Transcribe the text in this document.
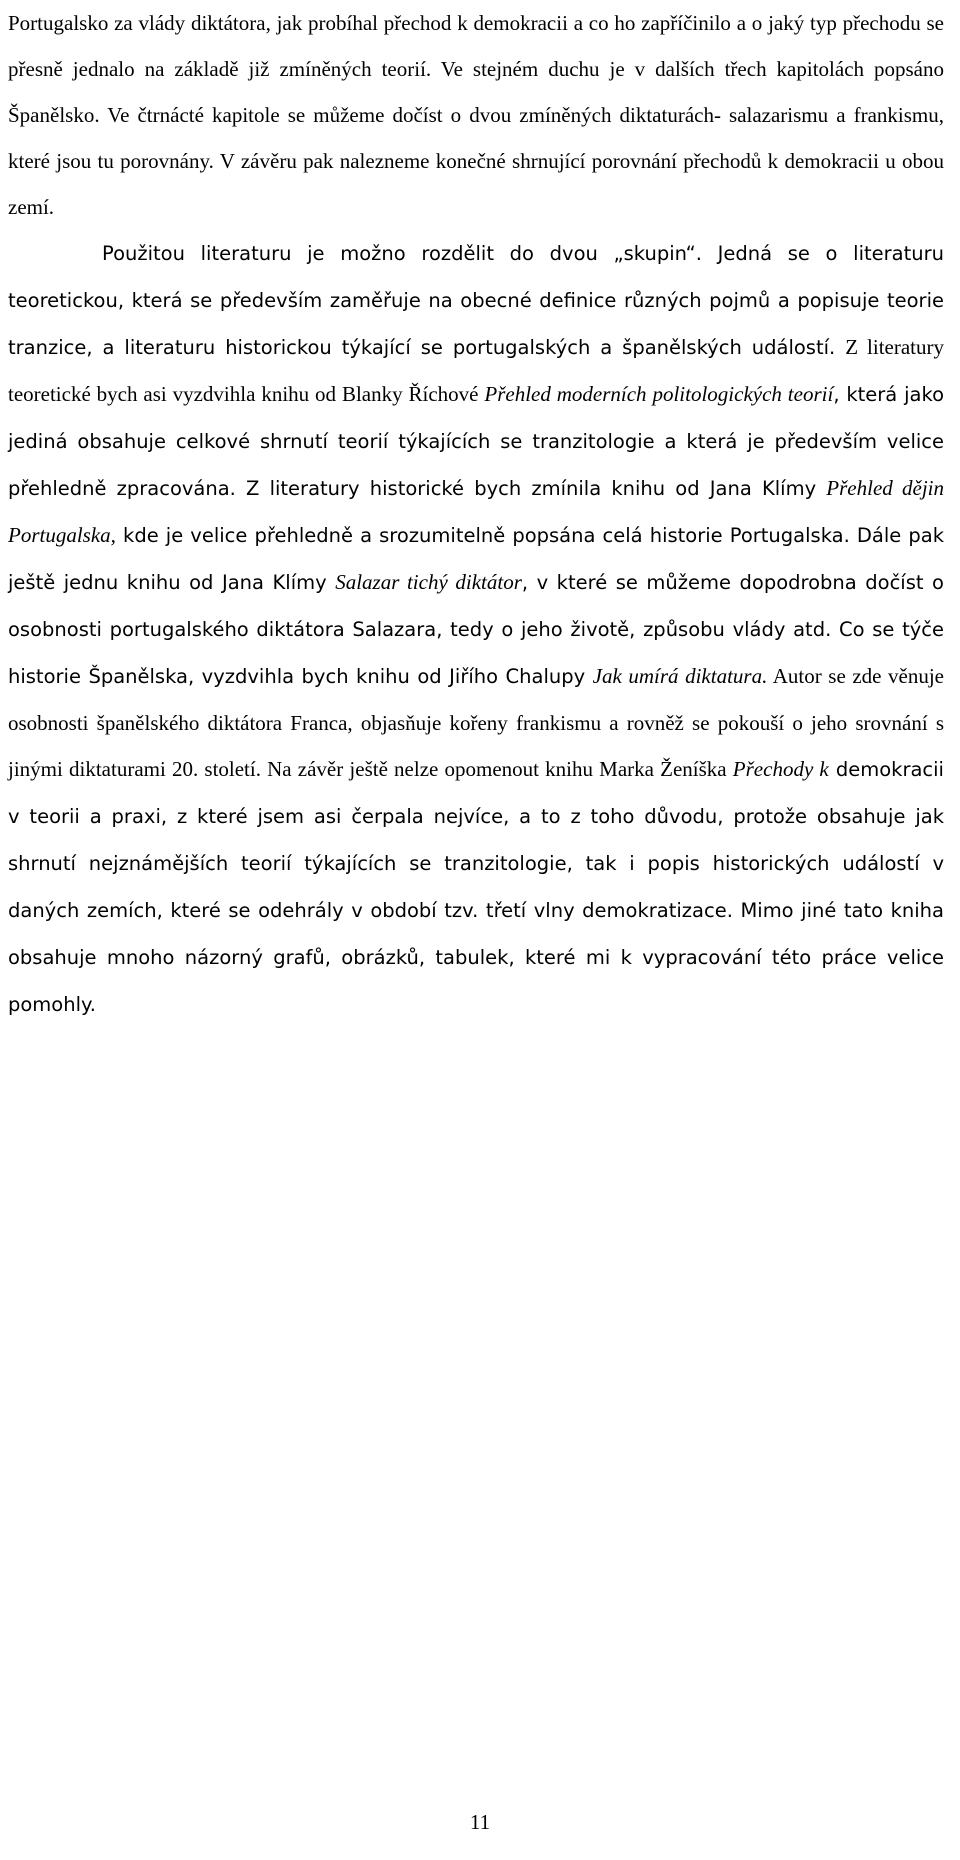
Portugalsko za vlády diktátora, jak probíhal přechod k demokracii a co ho zapříčinilo a o jaký typ přechodu se přesně jednalo na základě již zmíněných teorií. Ve stejném duchu je v dalších třech kapitolách popsáno Španělsko. Ve čtrnácté kapitole se můžeme dočíst o dvou zmíněných diktaturách- salazarismu a frankismu, které jsou tu porovnány. V závěru pak nalezneme konečné shrnující porovnání přechodů k demokracii u obou zemí.

Použitou literaturu je možno rozdělit do dvou „skupin“. Jedná se o literaturu teoretickou, která se především zaměřuje na obecné definice různých pojmů a popisuje teorie tranzice, a literaturu historickou týkající se portugalských a španělských událostí. Z literatury teoretické bych asi vyzdvihla knihu od Blanky Říchové Přehled moderních politologických teorií, která jako jediná obsahuje celkové shrnutí teorií týkajících se tranzitologie a která je především velice přehledně zpracována. Z literatury historické bych zmínila knihu od Jana Klímy Přehled dějin Portugalska, kde je velice přehledně a srozumitelně popsána celá historie Portugalska. Dále pak ještě jednu knihu od Jana Klímy Salazar tichý diktátor, v které se můžeme dopodrobna dočíst o osobnosti portugalského diktátora Salazara, tedy o jeho životě, způsobu vlády atd. Co se týče historie Španělska, vyzdvihla bych knihu od Jiřího Chalupy Jak umírá diktatura. Autor se zde věnuje osobnosti španělského diktátora Franca, objasňuje kořeny frankismu a rovněž se pokouší o jeho srovnání s jinými diktaturami 20. století. Na závěr ještě nelze opomenout knihu Marka Ženíška Přechody k demokracii v teorii a praxi, z které jsem asi čerpala nejvíce, a to z toho důvodu, protože obsahuje jak shrnutí nejznámějších teorií týkajících se tranzitologie, tak i popis historických událostí v daných zemích, které se odehrály v období tzv. třetí vlny demokratizace. Mimo jiné tato kniha obsahuje mnoho názorný grafů, obrázků, tabulek, které mi k vypracování této práce velice pomohly.

11
